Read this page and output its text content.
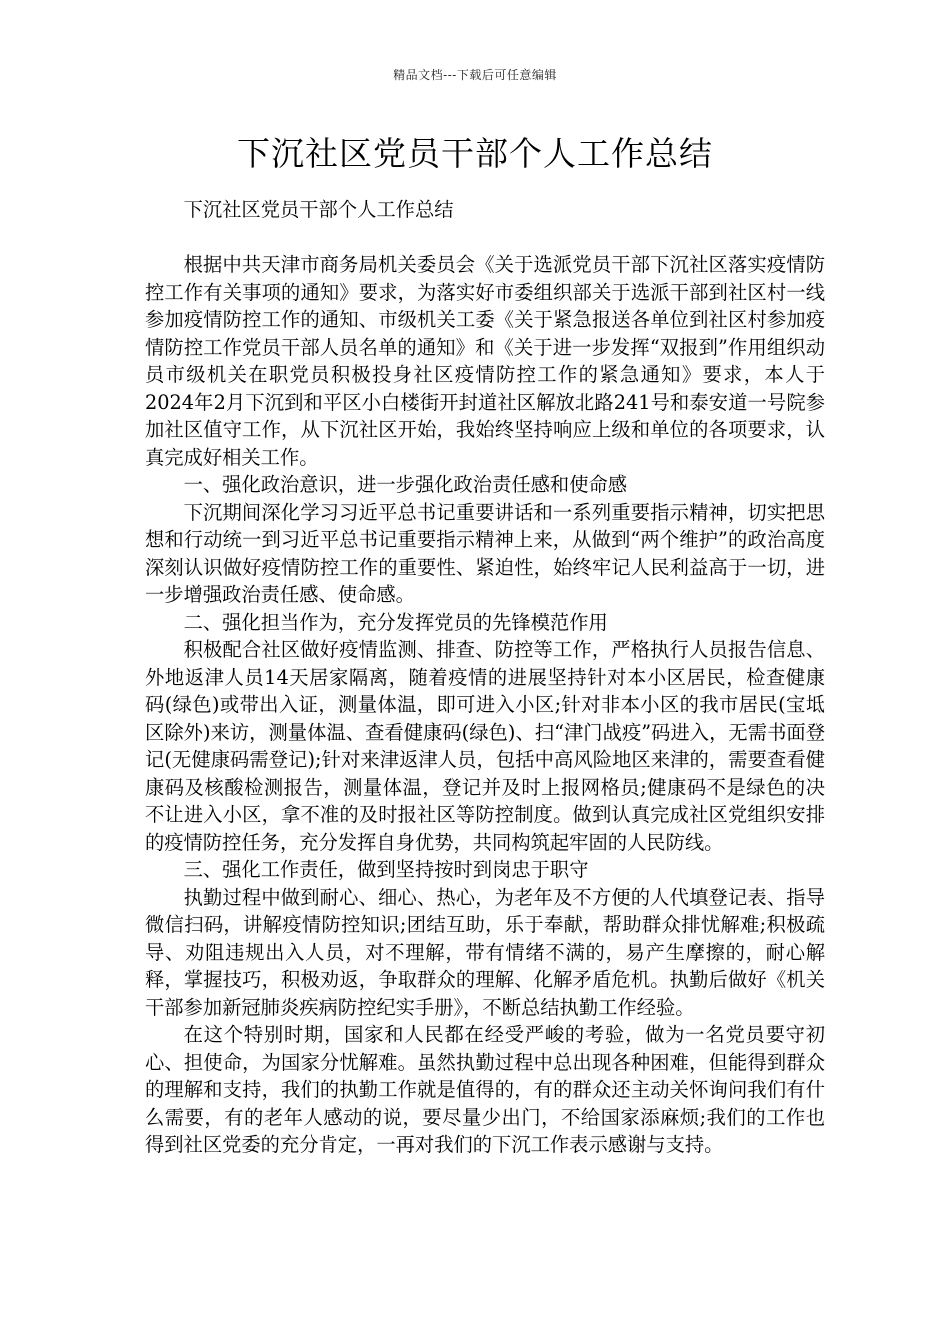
精品文档---下载后可任意编辑
下沉社区党员干部个人工作总结

下沉社区党员干部个人工作总结

根据中共天津市商务局机关委员会《关于选派党员干部下沉社区落实疫情防控工作有关事项的通知》要求，为落实好市委组织部关于选派干部到社区村一线参加疫情防控工作的通知、市级机关工委《关于紧急报送各单位到社区村参加疫情防控工作党员干部人员名单的通知》和《关于进一步发挥“双报到”作用组织动员市级机关在职党员积极投身社区疫情防控工作的紧急通知》要求，本人于2024年2月下沉到和平区小白楼街开封道社区解放北路241号和泰安道一号院参加社区值守工作，从下沉社区开始，我始终坚持响应上级和单位的各项要求，认真完成好相关工作。

一、强化政治意识，进一步强化政治责任感和使命感

下沉期间深化学习习近平总书记重要讲话和一系列重要指示精神，切实把思想和行动统一到习近平总书记重要指示精神上来，从做到“两个维护”的政治高度深刻认识做好疫情防控工作的重要性、紧迫性，始终牢记人民利益高于一切，进一步增强政治责任感、使命感。

二、强化担当作为，充分发挥党员的先锋模范作用

积极配合社区做好疫情监测、排查、防控等工作，严格执行人员报告信息、外地返津人员14天居家隔离，随着疫情的进展坚持针对本小区居民，检查健康码(绿色)或带出入证，测量体温，即可进入小区;针对非本小区的我市居民(宝坻区除外)来访，测量体温、查看健康码(绿色)、扫“津门战疫”码进入，无需书面登记(无健康码需登记);针对来津返津人员，包括中高风险地区来津的，需要查看健康码及核酸检测报告，测量体温，登记并及时上报网格员;健康码不是绿色的决不让进入小区，拿不准的及时报社区等防控制度。做到认真完成社区党组织安排的疫情防控任务，充分发挥自身优势，共同构筑起牢固的人民防线。

三、强化工作责任，做到坚持按时到岗忠于职守

执勤过程中做到耐心、细心、热心，为老年及不方便的人代填登记表、指导微信扫码，讲解疫情防控知识;团结互助，乐于奉献，帮助群众排忧解难;积极疏导、劝阻违规出入人员，对不理解，带有情绪不满的，易产生摩擦的，耐心解释，掌握技巧，积极劝返，争取群众的理解、化解矛盾危机。执勤后做好《机关干部参加新冠肺炎疾病防控纪实手册》，不断总结执勤工作经验。

在这个特别时期，国家和人民都在经受严峻的考验，做为一名党员要守初心、担使命，为国家分忧解难。虽然执勤过程中总出现各种困难，但能得到群众的理解和支持，我们的执勤工作就是值得的，有的群众还主动关怀询问我们有什么需要，有的老年人感动的说，要尽量少出门，不给国家添麻烦;我们的工作也得到社区党委的充分肯定，一再对我们的下沉工作表示感谢与支持。
